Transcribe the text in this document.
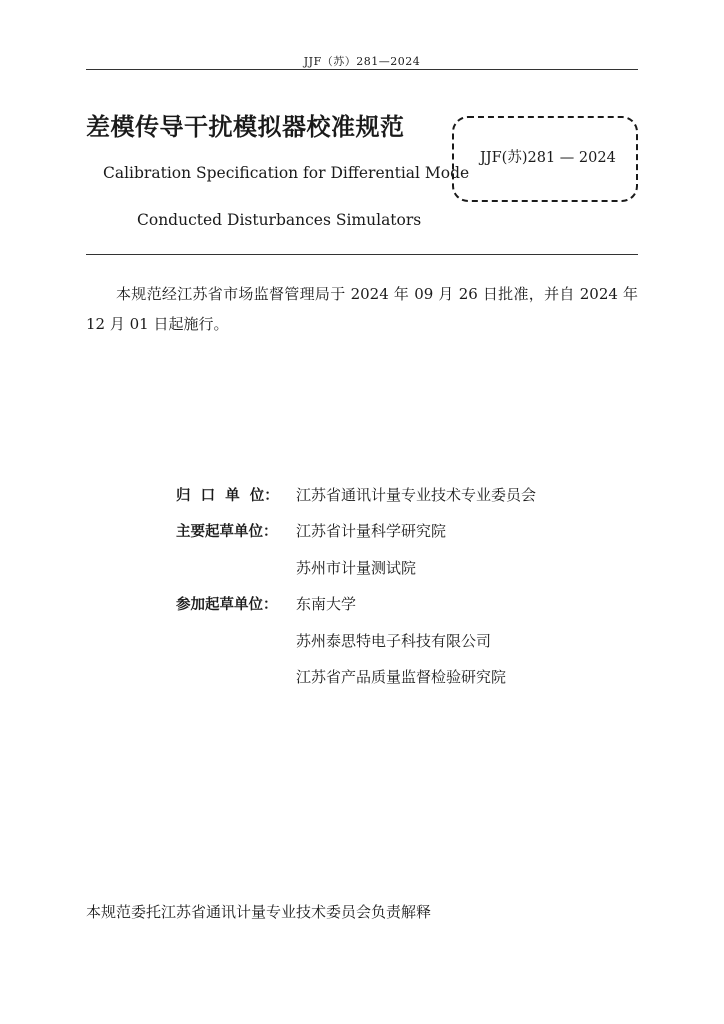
JJF（苏）281—2024
差模传导干扰模拟器校准规范
Calibration Specification for Differential Mode
Conducted Disturbances Simulators
JJF(苏)281 — 2024
本规范经江苏省市场监督管理局于 2024 年 09 月 26 日批准，并自 2024 年 12 月 01 日起施行。
归  口  单  位：	江苏省通讯计量专业技术专业委员会
主要起草单位：	江苏省计量科学研究院
苏州市计量测试院
参加起草单位：	东南大学
苏州泰思特电子科技有限公司
江苏省产品质量监督检验研究院
本规范委托江苏省通讯计量专业技术委员会负责解释
